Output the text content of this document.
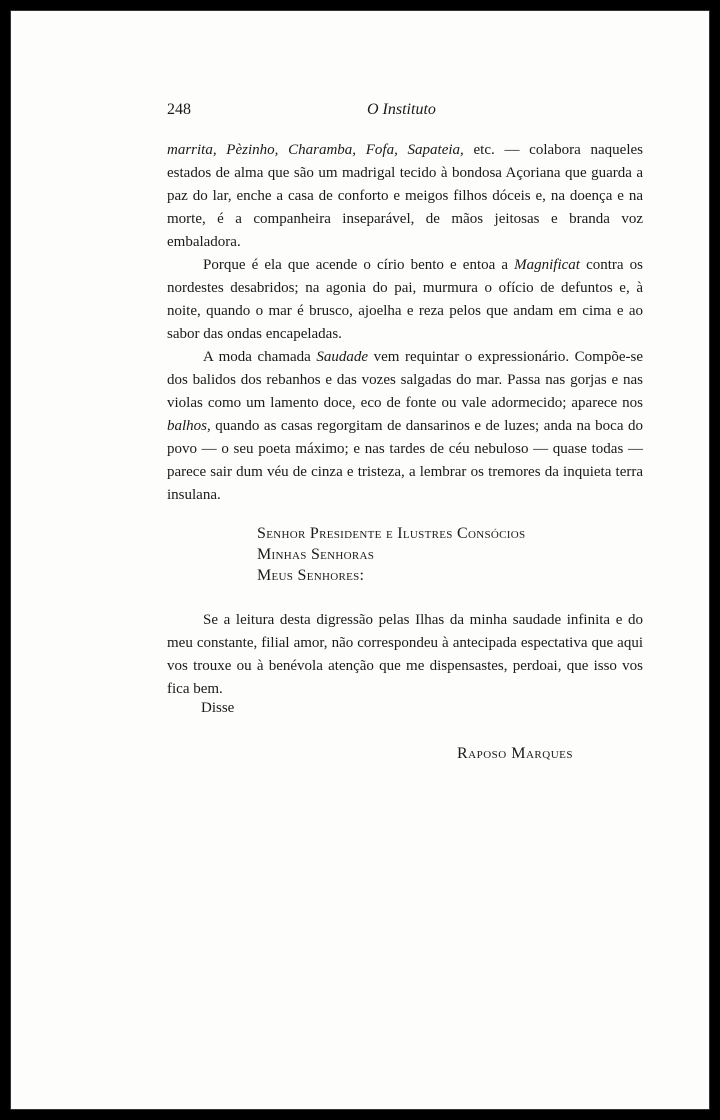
248	O Instituto

marrita, Pèzinho, Charamba, Fofa, Sapateia, etc. — colabora naqueles estados de alma que são um madrigal tecido à bondosa Açoriana que guarda a paz do lar, enche a casa de conforto e meigos filhos dóceis e, na doença e na morte, é a companheira inseparável, de mãos jeitosas e branda voz embaladora.

Porque é ela que acende o círio bento e entoa a Magnificat contra os nordestes desabridos; na agonia do pai, murmura o ofício de defuntos e, à noite, quando o mar é brusco, ajoelha e reza pelos que andam em cima e ao sabor das ondas encapeladas.

A moda chamada Saudade vem requintar o expressionário. Compõe-se dos balidos dos rebanhos e das vozes salgadas do mar. Passa nas gorjas e nas violas como um lamento doce, eco de fonte ou vale adormecido; aparece nos balhos, quando as casas regorgitam de dansarinos e de luzes; anda na boca do povo — o seu poeta máximo; e nas tardes de céu nebuloso — quase todas — parece sair dum véu de cinza e tristeza, a lembrar os tremores da inquieta terra insulana.

Senhor Presidente e Ilustres Consócios
Minhas Senhoras
Meus Senhores:

Se a leitura desta digressão pelas Ilhas da minha saudade infinita e do meu constante, filial amor, não correspondeu à antecipada espectativa que aqui vos trouxe ou à benévola atenção que me dispensastes, perdoai, que isso vos fica bem.

Disse
Raposo Marques
